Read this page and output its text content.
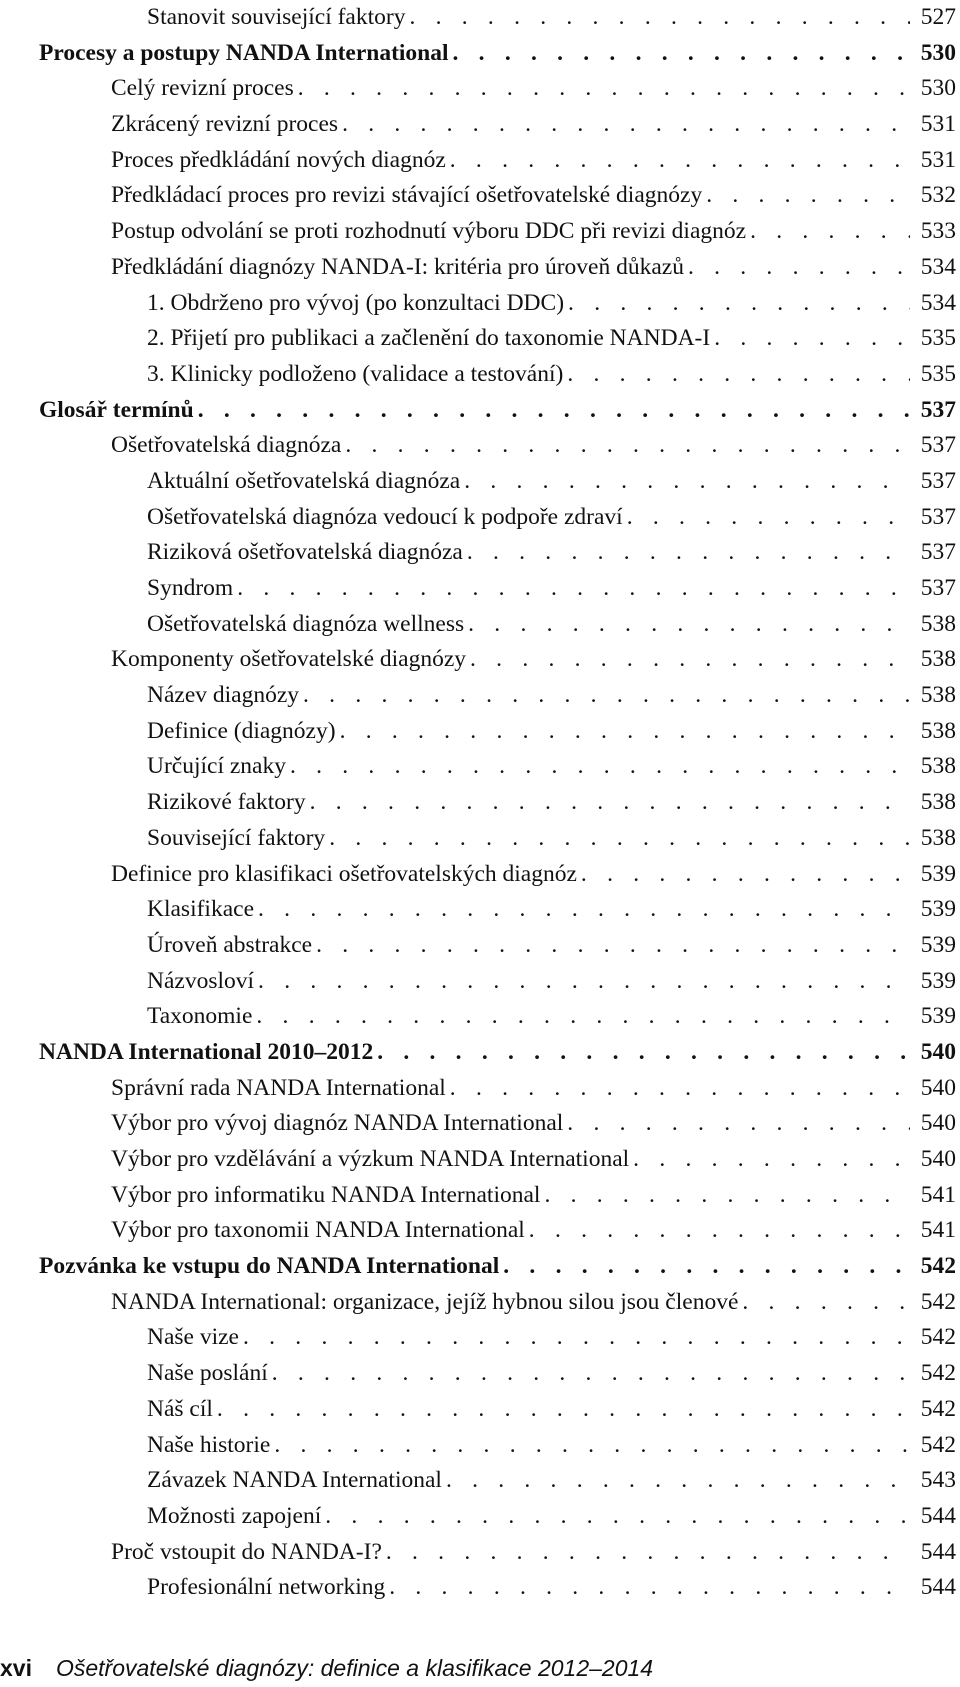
Stanovit související faktory . . .	527
Procesy a postupy NANDA International . . .	530
Celý revizní proces . . .	530
Zkrácený revizní proces . . .	531
Proces předkládání nových diagnóz . . .	531
Předkládací proces pro revizi stávající ošetřovatelské diagnózy . . .	532
Postup odvolání se proti rozhodnutí výboru DDC při revizi diagnóz . . .	533
Předkládání diagnózy NANDA-I: kritéria pro úroveň důkazů . . .	534
1. Obdrženo pro vývoj (po konzultaci DDC) . . .	534
2. Přijetí pro publikaci a začlenění do taxonomie NANDA-I . . .	535
3. Klinicky podloženo (validace a testování) . . .	535
Glosář termínů . . .	537
Ošetřovatelská diagnóza . . .	537
Aktuální ošetřovatelská diagnóza . . .	537
Ošetřovatelská diagnóza vedoucí k podpoře zdraví . . .	537
Riziková ošetřovatelská diagnóza . . .	537
Syndrom . . .	537
Ošetřovatelská diagnóza wellness . . .	538
Komponenty ošetřovatelské diagnózy . . .	538
Název diagnózy . . .	538
Definice (diagnózy) . . .	538
Určující znaky . . .	538
Rizikové faktory . . .	538
Související faktory . . .	538
Definice pro klasifikaci ošetřovatelských diagnóz . . .	539
Klasifikace . . .	539
Úroveň abstrakce . . .	539
Názvosloví . . .	539
Taxonomie . . .	539
NANDA International 2010–2012 . . .	540
Správní rada NANDA International . . .	540
Výbor pro vývoj diagnóz NANDA International . . .	540
Výbor pro vzdělávání a výzkum NANDA International . . .	540
Výbor pro informatiku NANDA International . . .	541
Výbor pro taxonomii NANDA International . . .	541
Pozvánka ke vstupu do NANDA International . . .	542
NANDA International: organizace, jejíž hybnou silou jsou členové . . .	542
Naše vize . . .	542
Naše poslání . . .	542
Náš cíl . . .	542
Naše historie . . .	542
Závazek NANDA International . . .	543
Možnosti zapojení . . .	544
Proč vstoupit do NANDA-I? . . .	544
Profesionální networking . . .	544
xvi Ošetřovatelské diagnózy: definice a klasifikace 2012–2014
